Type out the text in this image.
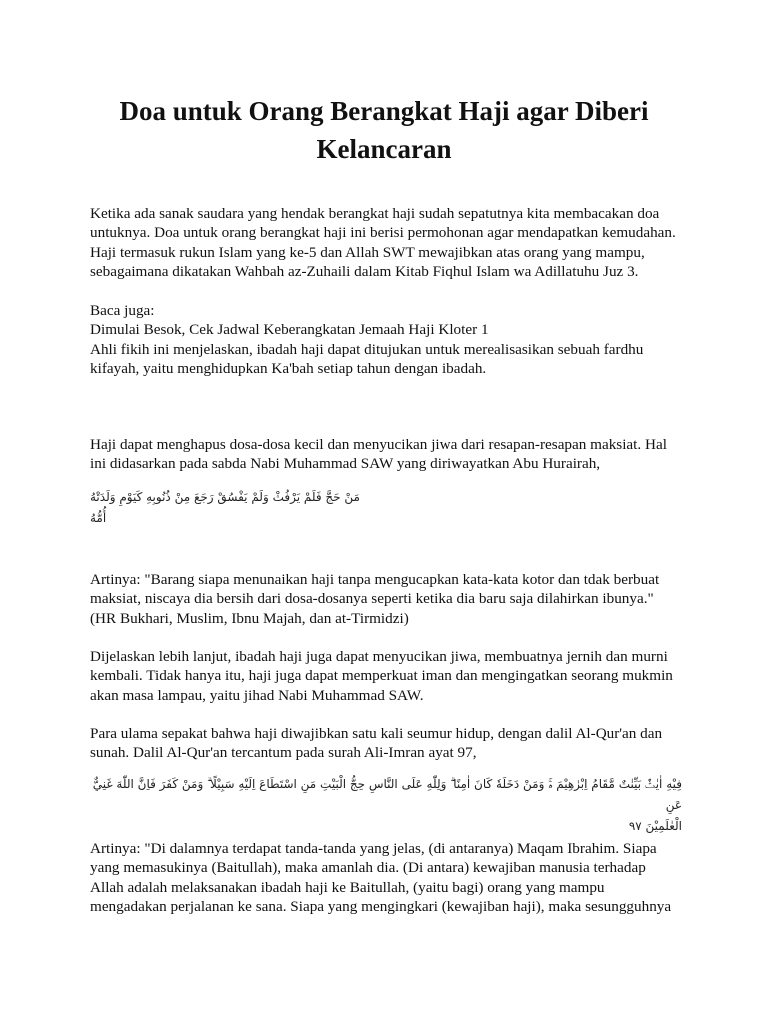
Doa untuk Orang Berangkat Haji agar Diberi Kelancaran

Ketika ada sanak saudara yang hendak berangkat haji sudah sepatutnya kita membacakan doa untuknya. Doa untuk orang berangkat haji ini berisi permohonan agar mendapatkan kemudahan. Haji termasuk rukun Islam yang ke-5 dan Allah SWT mewajibkan atas orang yang mampu, sebagaimana dikatakan Wahbah az-Zuhaili dalam Kitab Fiqhul Islam wa Adillatuhu Juz 3.

Baca juga:
Dimulai Besok, Cek Jadwal Keberangkatan Jemaah Haji Kloter 1
Ahli fikih ini menjelaskan, ibadah haji dapat ditujukan untuk merealisasikan sebuah fardhu kifayah, yaitu menghidupkan Ka'bah setiap tahun dengan ibadah.

Haji dapat menghapus dosa-dosa kecil dan menyucikan jiwa dari resapan-resapan maksiat. Hal ini didasarkan pada sabda Nabi Muhammad SAW yang diriwayatkan Abu Hurairah,

مَنْ حَجَّ فَلَمْ يَرْفُثْ وَلَمْ يَفْسُقْ رَجَعَ مِنْ ذُنُوبِهِ كَيَوْمِ وَلَدَتْهُ أُمُّهُ

Artinya: "Barang siapa menunaikan haji tanpa mengucapkan kata-kata kotor dan tdak berbuat maksiat, niscaya dia bersih dari dosa-dosanya seperti ketika dia baru saja dilahirkan ibunya." (HR Bukhari, Muslim, Ibnu Majah, dan at-Tirmidzi)

Dijelaskan lebih lanjut, ibadah haji juga dapat menyucikan jiwa, membuatnya jernih dan murni kembali. Tidak hanya itu, haji juga dapat memperkuat iman dan mengingatkan seorang mukmin akan masa lampau, yaitu jihad Nabi Muhammad SAW.

Para ulama sepakat bahwa haji diwajibkan satu kali seumur hidup, dengan dalil Al-Qur'an dan sunah. Dalil Al-Qur'an tercantum pada surah Ali-Imran ayat 97,

فِيْهِ اٰيٰتٌۢ بَيِّنٰتٌ مَّقَامُ اِبْرٰهِيْمَ ەۚ وَمَنْ دَخَلَهٗ كَانَ اٰمِنًا ۗ وَلِلّٰهِ عَلَى النَّاسِ حِجُّ الْبَيْتِ مَنِ اسْتَطَاعَ اِلَيْهِ سَبِيْلًا ۗ وَمَنْ كَفَرَ فَاِنَّ اللّٰهَ غَنِيٌّ عَنِ
الْعٰلَمِيْنَ ٩٧

Artinya: "Di dalamnya terdapat tanda-tanda yang jelas, (di antaranya) Maqam Ibrahim. Siapa yang memasukinya (Baitullah), maka amanlah dia. (Di antara) kewajiban manusia terhadap Allah adalah melaksanakan ibadah haji ke Baitullah, (yaitu bagi) orang yang mampu mengadakan perjalanan ke sana. Siapa yang mengingkari (kewajiban haji), maka sesungguhnya
